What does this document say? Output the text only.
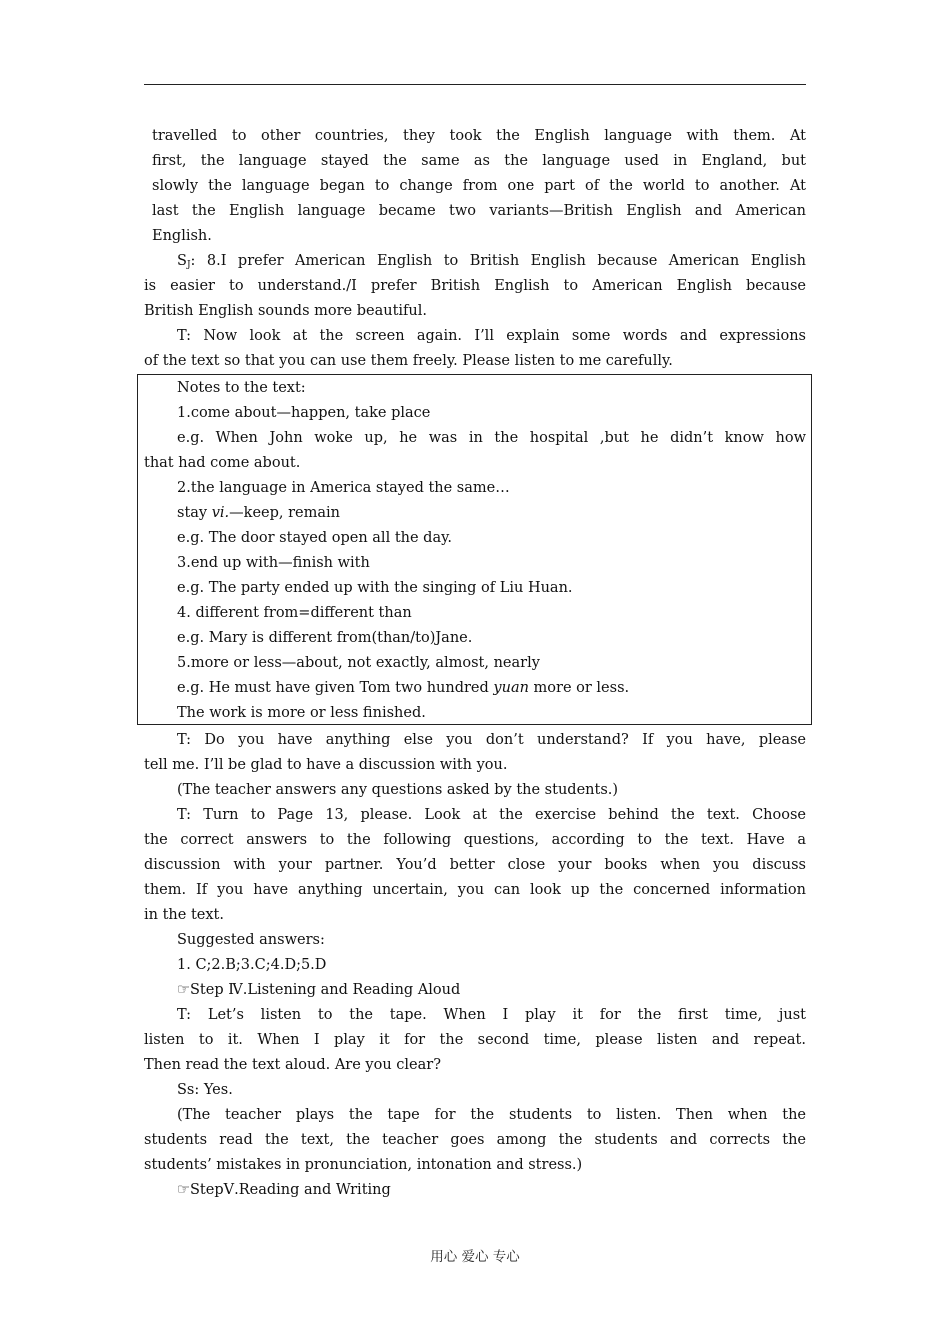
travelled to other countries, they took the English language with them. At
first, the language stayed the same as the language used in England, but
slowly the language began to change from one part of the world to another. At
last the English language became two variants—British English and American
English.
$S_J$: 8.I prefer American English to British English because American English
is easier to understand./I prefer British English to American English because
British English sounds more beautiful.
T: Now look at the screen again. I’ll explain some words and expressions
of the text so that you can use them freely. Please listen to me carefully.
Notes to the text:
1.come about—happen, take place
e.g. When John woke up, he was in the hospital ,but he didn’t know how
that had come about.
2.the language in America stayed the same…
stay vi.—keep, remain
e.g. The door stayed open all the day.
3.end up with—finish with
e.g. The party ended up with the singing of Liu Huan.
4. different from=different than
e.g. Mary is different from(than/to)Jane.
5.more or less—about, not exactly, almost, nearly
e.g. He must have given Tom two hundred yuan more or less.
The work is more or less finished.
T: Do you have anything else you don’t understand? If you have, please
tell me. I’ll be glad to have a discussion with you.
(The teacher answers any questions asked by the students.)
T: Turn to Page 13, please. Look at the exercise behind the text. Choose
the correct answers to the following questions, according to the text. Have a
discussion with your partner. You’d better close your books when you discuss
them. If you have anything uncertain, you can look up the concerned information
in the text.
Suggested answers:
1. C;2.B;3.C;4.D;5.D
☞Step Ⅳ.Listening and Reading Aloud
T: Let’s listen to the tape. When I play it for the first time, just
listen to it. When I play it for the second time, please listen and repeat.
Then read the text aloud. Are you clear?
Ss: Yes.
(The teacher plays the tape for the students to listen. Then when the
students read the text, the teacher goes among the students and corrects the
students’ mistakes in pronunciation, intonation and stress.)
☞StepⅤ.Reading and Writing
用心 爱心 专心
